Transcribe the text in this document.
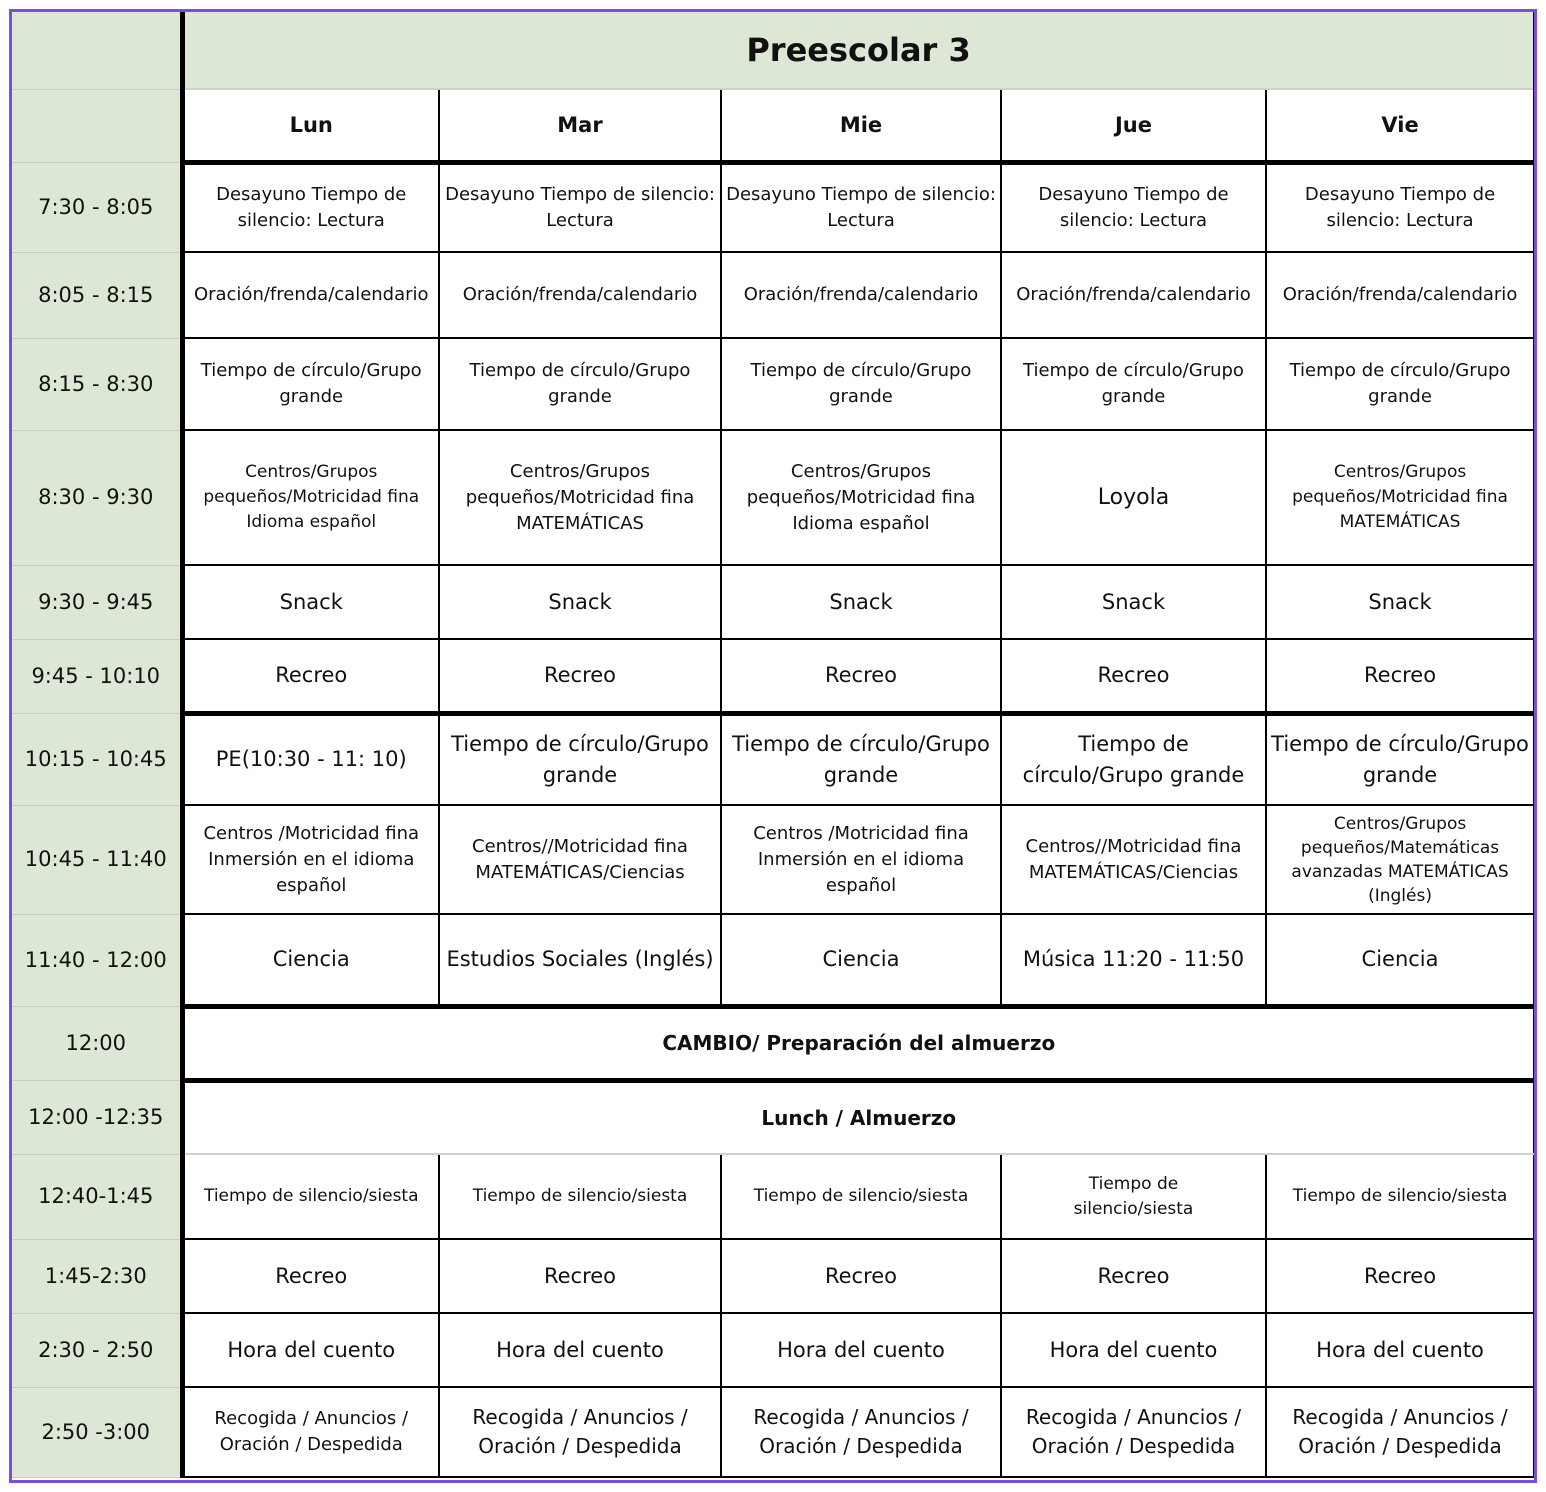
	Preescolar 3				
	Lun	Mar	Mie	Jue	Vie
7:30 - 8:05	Desayuno Tiempo de silencio: Lectura	Desayuno Tiempo de silencio: Lectura	Desayuno Tiempo de silencio: Lectura	Desayuno Tiempo de silencio: Lectura	Desayuno Tiempo de silencio: Lectura
8:05 - 8:15	Oración/frenda/calendario	Oración/frenda/calendario	Oración/frenda/calendario	Oración/frenda/calendario	Oración/frenda/calendario
8:15 - 8:30	Tiempo de círculo/Grupo grande	Tiempo de círculo/Grupo grande	Tiempo de círculo/Grupo grande	Tiempo de círculo/Grupo grande	Tiempo de círculo/Grupo grande
8:30 - 9:30	Centros/Grupos pequeños/Motricidad fina Idioma español	Centros/Grupos pequeños/Motricidad fina MATEMÁTICAS	Centros/Grupos pequeños/Motricidad fina Idioma español	Loyola	Centros/Grupos pequeños/Motricidad fina MATEMÁTICAS
9:30 - 9:45	Snack	Snack	Snack	Snack	Snack
9:45 - 10:10	Recreo	Recreo	Recreo	Recreo	Recreo
10:15 - 10:45	PE(10:30 - 11: 10)	Tiempo de círculo/Grupo grande	Tiempo de círculo/Grupo grande	Tiempo de círculo/Grupo grande	Tiempo de círculo/Grupo grande
10:45 - 11:40	Centros /Motricidad fina Inmersión en el idioma español	Centros//Motricidad fina MATEMÁTICAS/Ciencias	Centros /Motricidad fina Inmersión en el idioma español	Centros//Motricidad fina MATEMÁTICAS/Ciencias	Centros/Grupos pequeños/Matemáticas avanzadas MATEMÁTICAS (Inglés)
11:40 - 12:00	Ciencia	Estudios Sociales (Inglés)	Ciencia	Música 11:20 - 11:50	Ciencia
12:00	CAMBIO/ Preparación del almuerzo				
12:00 -12:35	Lunch / Almuerzo				
12:40-1:45	Tiempo de silencio/siesta	Tiempo de silencio/siesta	Tiempo de silencio/siesta	Tiempo de silencio/siesta	Tiempo de silencio/siesta
1:45-2:30	Recreo	Recreo	Recreo	Recreo	Recreo
2:30 - 2:50	Hora del cuento	Hora del cuento	Hora del cuento	Hora del cuento	Hora del cuento
2:50 -3:00	Recogida / Anuncios / Oración / Despedida	Recogida / Anuncios / Oración / Despedida	Recogida / Anuncios / Oración / Despedida	Recogida / Anuncios / Oración / Despedida	Recogida / Anuncios / Oración / Despedida
